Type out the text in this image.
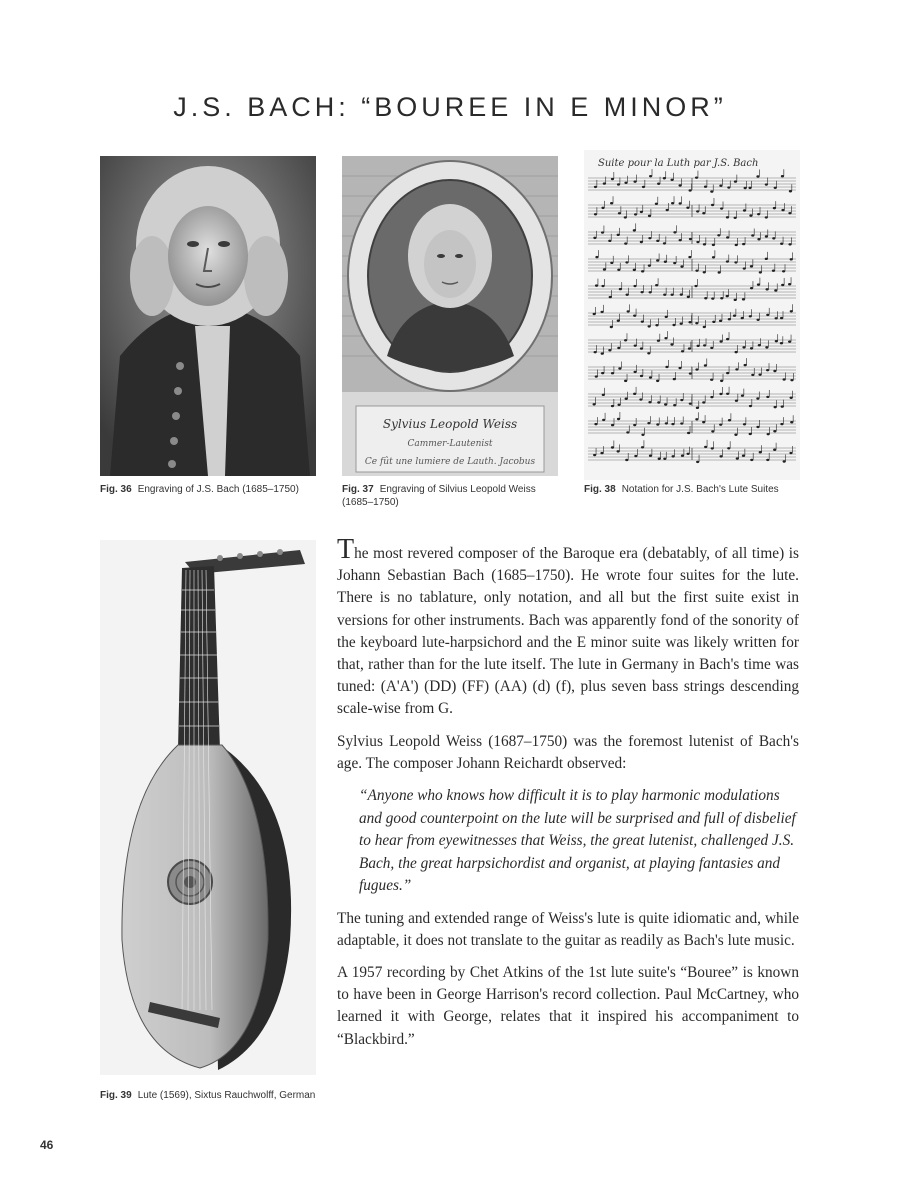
J.S. BACH: “BOUREE IN E MINOR”
Fig. 36 Engraving of J.S. Bach (1685–1750)
Sylvius Leopold Weiss
Cammer-Lautenist
Ce fût une lumiere de Lauth. Jacobus
Fig. 37 Engraving of Silvius Leopold Weiss (1685–1750)
Suite pour la Luth par J.S. Bach
Fig. 38 Notation for J.S. Bach's Lute Suites
Fig. 39 Lute (1569), Sixtus Rauchwolff, German

The most revered composer of the Baroque era (debatably, of all time) is Johann Sebastian Bach (1685–1750). He wrote four suites for the lute. There is no tablature, only notation, and all but the first suite exist in versions for other instruments. Bach was apparently fond of the sonority of the keyboard lute-harpsichord and the E minor suite was likely written for that, rather than for the lute itself. The lute in Germany in Bach's time was tuned: (A'A') (DD) (FF) (AA) (d) (f), plus seven bass strings descending scale-wise from G.

Sylvius Leopold Weiss (1687–1750) was the foremost lutenist of Bach's age. The composer Johann Reichardt observed:

“Anyone who knows how difficult it is to play harmonic modulations and good counterpoint on the lute will be surprised and full of disbelief to hear from eyewitnesses that Weiss, the great lutenist, challenged J.S. Bach, the great harpsichordist and organist, at playing fantasies and fugues.”

The tuning and extended range of Weiss's lute is quite idiomatic and, while adaptable, it does not translate to the guitar as readily as Bach's lute music.

A 1957 recording by Chet Atkins of the 1st lute suite's “Bouree” is known to have been in George Harrison's record collection. Paul McCartney, who learned it with George, relates that it inspired his accompaniment to “Blackbird.”

46
